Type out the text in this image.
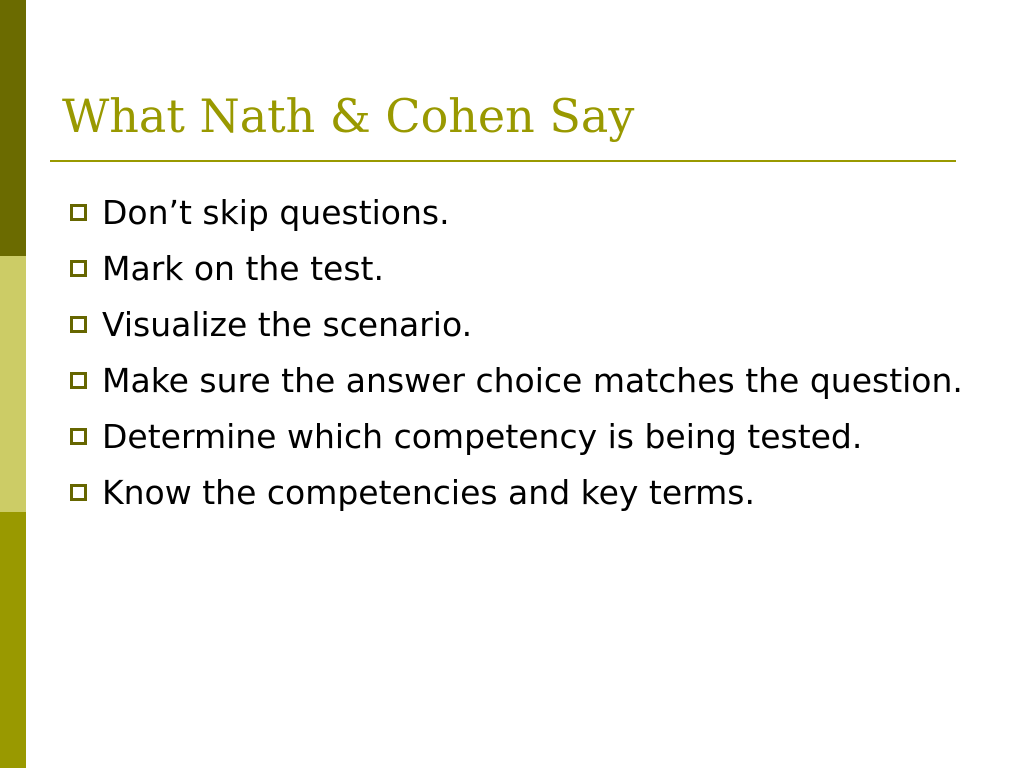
What Nath & Cohen Say
Don’t skip questions.
Mark on the test.
Visualize the scenario.
Make sure the answer choice matches the question.
Determine which competency is being tested.
Know the competencies and key terms.
